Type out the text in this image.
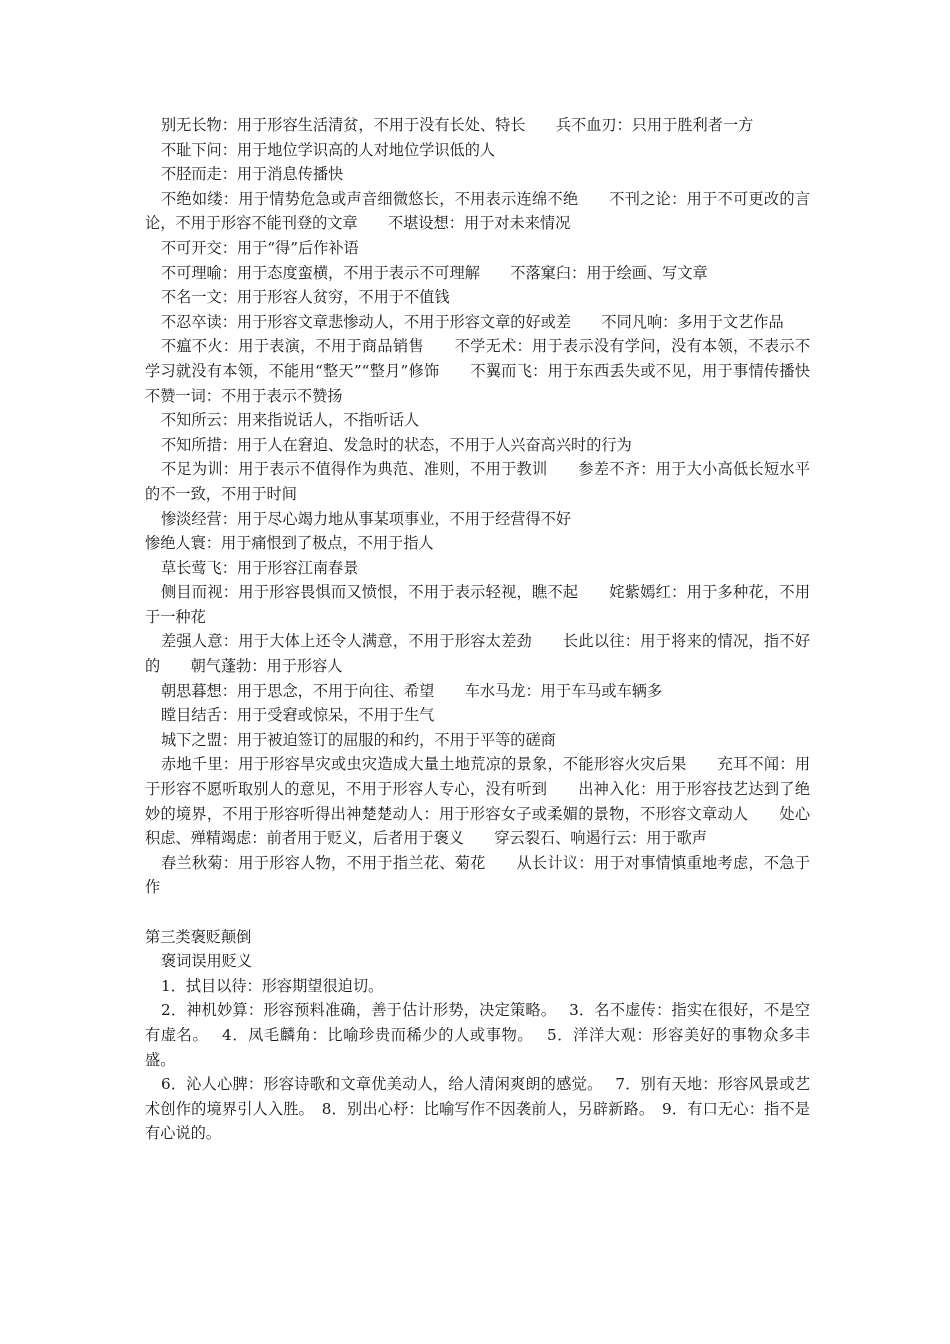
别无长物：用于形容生活清贫，不用于没有长处、特长　　兵不血刃：只用于胜利者一方

不耻下问：用于地位学识高的人对地位学识低的人

不胫而走：用于消息传播快

不绝如缕：用于情势危急或声音细微悠长，不用表示连绵不绝　　不刊之论：用于不可更改的言论，不用于形容不能刊登的文章　　不堪设想：用于对未来情况

不可开交：用于“得”后作补语

不可理喻：用于态度蛮横，不用于表示不可理解　　不落窠臼：用于绘画、写文章

不名一文：用于形容人贫穷，不用于不值钱

不忍卒读：用于形容文章悲惨动人，不用于形容文章的好或差　　不同凡响：多用于文艺作品

不瘟不火：用于表演，不用于商品销售　　不学无术：用于表示没有学问，没有本领，不表示不学习就没有本领，不能用“整天”“整月”修饰　　不翼而飞：用于东西丢失或不见，用于事情传播快　　不赞一词：不用于表示不赞扬

不知所云：用来指说话人，不指听话人

不知所措：用于人在窘迫、发急时的状态，不用于人兴奋高兴时的行为

不足为训：用于表示不值得作为典范、准则，不用于教训　　参差不齐：用于大小高低长短水平的不一致，不用于时间

惨淡经营：用于尽心竭力地从事某项事业，不用于经营得不好

惨绝人寰：用于痛恨到了极点，不用于指人

草长莺飞：用于形容江南春景

侧目而视：用于形容畏惧而又愤恨，不用于表示轻视，瞧不起　　姹紫嫣红：用于多种花，不用于一种花

差强人意：用于大体上还令人满意，不用于形容太差劲　　长此以往：用于将来的情况，指不好的　　朝气蓬勃：用于形容人

朝思暮想：用于思念，不用于向往、希望　　车水马龙：用于车马或车辆多

瞠目结舌：用于受窘或惊呆，不用于生气

城下之盟：用于被迫签订的屈服的和约，不用于平等的磋商

赤地千里：用于形容旱灾或虫灾造成大量土地荒凉的景象，不能形容火灾后果　　充耳不闻：用于形容不愿听取别人的意见，不用于形容人专心，没有听到　　出神入化：用于形容技艺达到了绝妙的境界，不用于形容听得出神楚楚动人：用于形容女子或柔媚的景物，不形容文章动人　　处心积虑、殚精竭虑：前者用于贬义，后者用于褒义　　穿云裂石、响遏行云：用于歌声

春兰秋菊：用于形容人物，不用于指兰花、菊花　　从长计议：用于对事情慎重地考虑，不急于作

第三类褒贬颠倒

褒词误用贬义

1．拭目以待：形容期望很迫切。

2．神机妙算：形容预料准确，善于估计形势，决定策略。　 3．名不虚传：指实在很好，不是空有虚名。　 4．凤毛麟角：比喻珍贵而稀少的人或事物。　 5．洋洋大观：形容美好的事物众多丰盛。

6．沁人心脾：形容诗歌和文章优美动人，给人清闲爽朗的感觉。　 7．别有天地：形容风景或艺术创作的境界引人入胜。　8．别出心杼：比喻写作不因袭前人，另辟新路。　9．有口无心：指不是有心说的。
